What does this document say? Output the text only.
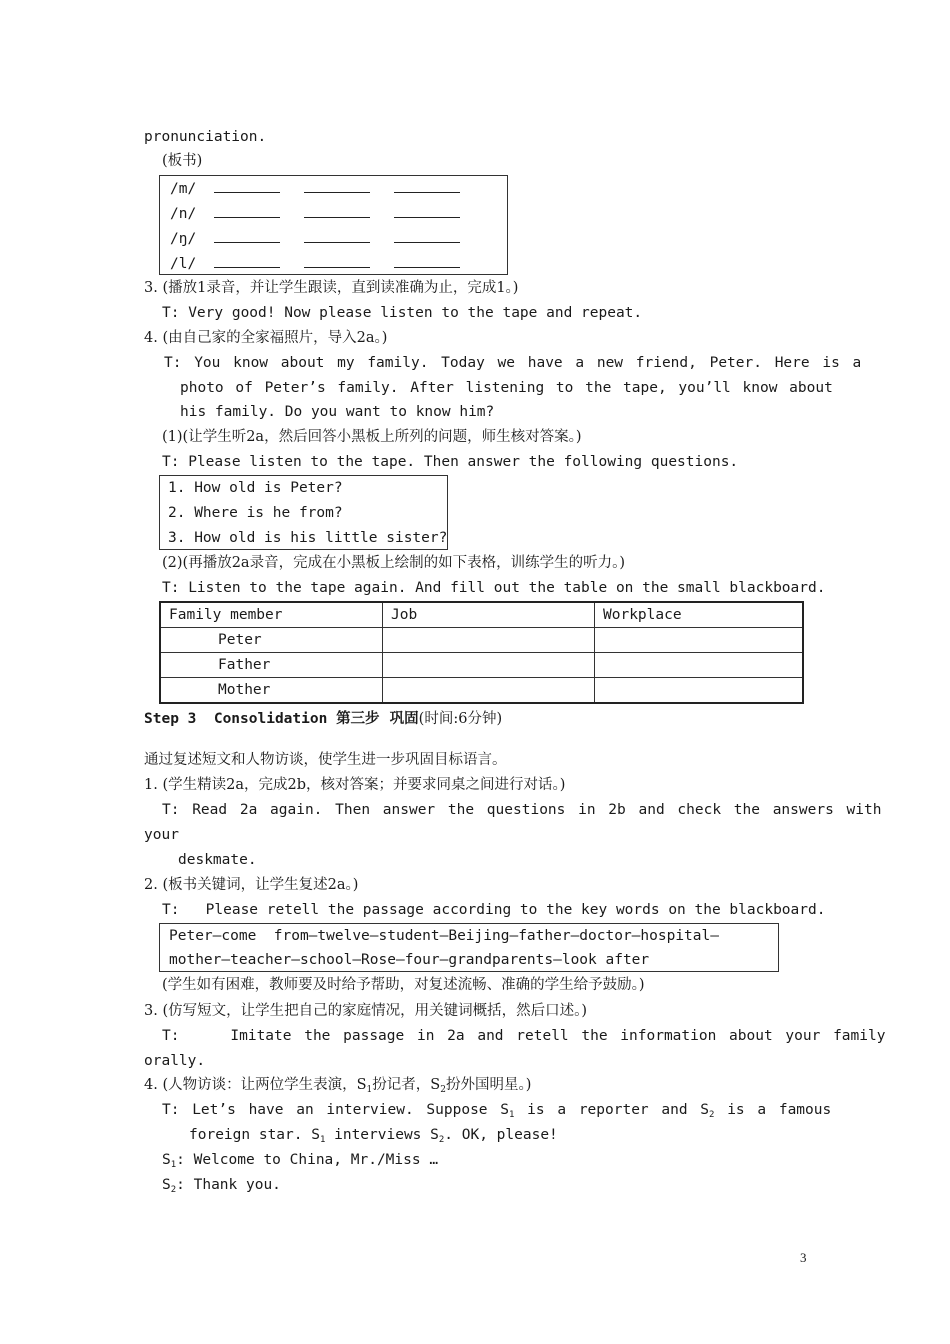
pronunciation.
(板书)
/m/
/n/
/ŋ/
/l/
3. (播放1录音，并让学生跟读，直到读准确为止，完成1。)
T: Very good! Now please listen to the tape and repeat.
4. (由自己家的全家福照片，导入2a。)
T: You know about my family. Today we have a new friend, Peter. Here is a
photo of Peter’s family. After listening to the tape, you’ll know about
his family. Do you want to know him?
(1)(让学生听2a，然后回答小黑板上所列的问题，师生核对答案。)
T: Please listen to the tape. Then answer the following questions.
1. How old is Peter?
2. Where is he from?
3. How old is his little sister?
(2)(再播放2a录音，完成在小黑板上绘制的如下表格，训练学生的听力。)
T: Listen to the tape again. And fill out the table on the small blackboard.
Family member	Job	Workplace
Peter		
Father		
Mother		
Step 3  Consolidation 第三步  巩固(时间:6分钟)
通过复述短文和人物访谈，使学生进一步巩固目标语言。
1. (学生精读2a，完成2b，核对答案；并要求同桌之间进行对话。)
T: Read 2a again. Then answer the questions in 2b and check the answers with
your
deskmate.
2. (板书关键词，让学生复述2a。)
T:   Please retell the passage according to the key words on the blackboard.
Peter—come  from—twelve—student—Beijing—father—doctor—hospital—
mother—teacher—school—Rose—four—grandparents—look after
(学生如有困难，教师要及时给予帮助，对复述流畅、准确的学生给予鼓励。)
3. (仿写短文，让学生把自己的家庭情况，用关键词概括，然后口述。)
T:    Imitate the passage in 2a and retell the information about your family
orally.
4. (人物访谈：让两位学生表演，$S_1$扮记者，$S_2$扮外国明星。)
T: Let’s have an interview. Suppose $S_1$ is a reporter and $S_2$ is a famous
foreign star. $S_1$ interviews $S_2$. OK, please!
$S_1$: Welcome to China, Mr./Miss …
$S_2$: Thank you.
3
